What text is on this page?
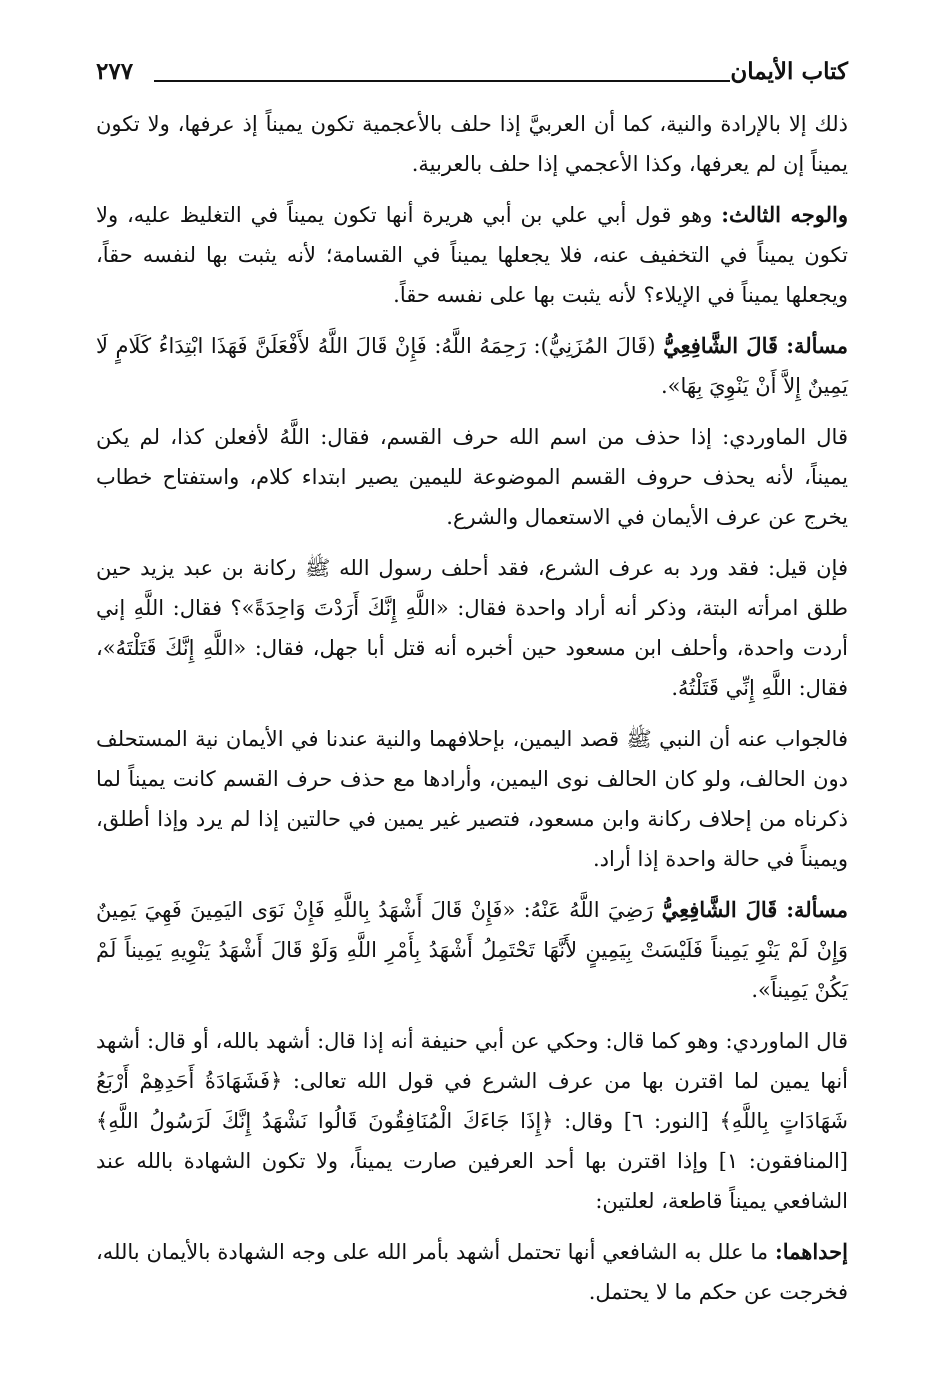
كتاب الأيمان
٢٧٧

ذلك إلا بالإرادة والنية، كما أن العربيَّ إذا حلف بالأعجمية تكون يميناً إذ عرفها، ولا تكون يميناً إن لم يعرفها، وكذا الأعجمي إذا حلف بالعربية.

والوجه الثالث: وهو قول أبي علي بن أبي هريرة أنها تكون يميناً في التغليظ عليه، ولا تكون يميناً في التخفيف عنه، فلا يجعلها يميناً في القسامة؛ لأنه يثبت بها لنفسه حقاً، ويجعلها يميناً في الإيلاء؟ لأنه يثبت بها على نفسه حقاً.

مسألة: قَالَ الشَّافِعِيُّ (قَالَ المُزَنِيُّ): رَحِمَهُ اللَّهُ: فَإِنْ قَالَ اللَّهُ لأَفْعَلَنَّ فَهَذَا ابْتِدَاءُ كَلَامٍ لَا يَمِينٌ إِلاَّ أَنْ يَنْوِيَ بِهَا».

قال الماوردي: إذا حذف من اسم الله حرف القسم، فقال: اللَّهُ لأفعلن كذا، لم يكن يميناً، لأنه يحذف حروف القسم الموضوعة لليمين يصير ابتداء كلام، واستفتاح خطاب يخرج عن عرف الأيمان في الاستعمال والشرع.

فإن قيل: فقد ورد به عرف الشرع، فقد أحلف رسول الله ﷺ ركانة بن عبد يزيد حين طلق امرأته البتة، وذكر أنه أراد واحدة فقال: «اللَّهِ إِنَّكَ أَرَدْتَ وَاحِدَةً»؟ فقال: اللَّهِ إني أردت واحدة، وأحلف ابن مسعود حين أخبره أنه قتل أبا جهل، فقال: «اللَّهِ إِنَّكَ قَتَلْتَهُ»، فقال: اللَّهِ إِنِّي قَتَلْتُهُ.

فالجواب عنه أن النبي ﷺ قصد اليمين، بإحلافهما والنية عندنا في الأيمان نية المستحلف دون الحالف، ولو كان الحالف نوى اليمين، وأرادها مع حذف حرف القسم كانت يميناً لما ذكرناه من إحلاف ركانة وابن مسعود، فتصير غير يمين في حالتين إذا لم يرد وإذا أطلق، ويميناً في حالة واحدة إذا أراد.

مسألة: قَالَ الشَّافِعِيُّ رَضِيَ اللَّهُ عَنْهُ: «فَإِنْ قَالَ أَشْهَدُ بِاللَّهِ فَإِنْ نَوَى اليَمِينَ فَهِيَ يَمِينٌ وَإِنْ لَمْ يَنْوِ يَمِيناً فَلَيْسَتْ بِيَمِينٍ لأَنَّهَا تَحْتَمِلُ أَشْهَدُ بِأَمْرِ اللَّهِ وَلَوْ قَالَ أَشْهَدُ يَنْوِيهِ يَمِيناً لَمْ يَكُنْ يَمِيناً».

قال الماوردي: وهو كما قال: وحكي عن أبي حنيفة أنه إذا قال: أشهد بالله، أو قال: أشهد أنها يمين لما اقترن بها من عرف الشرع في قول الله تعالى: ﴿فَشَهَادَةُ أَحَدِهِمْ أَرْبَعُ شَهَادَاتٍ بِاللَّهِ﴾ [النور: ٦] وقال: ﴿إِذَا جَاءَكَ الْمُنَافِقُونَ قَالُوا نَشْهَدُ إِنَّكَ لَرَسُولُ اللَّهِ﴾ [المنافقون: ١] وإذا اقترن بها أحد العرفين صارت يميناً، ولا تكون الشهادة بالله عند الشافعي يميناً قاطعة، لعلتين:

إحداهما: ما علل به الشافعي أنها تحتمل أشهد بأمر الله على وجه الشهادة بالأيمان بالله، فخرجت عن حكم ما لا يحتمل.
